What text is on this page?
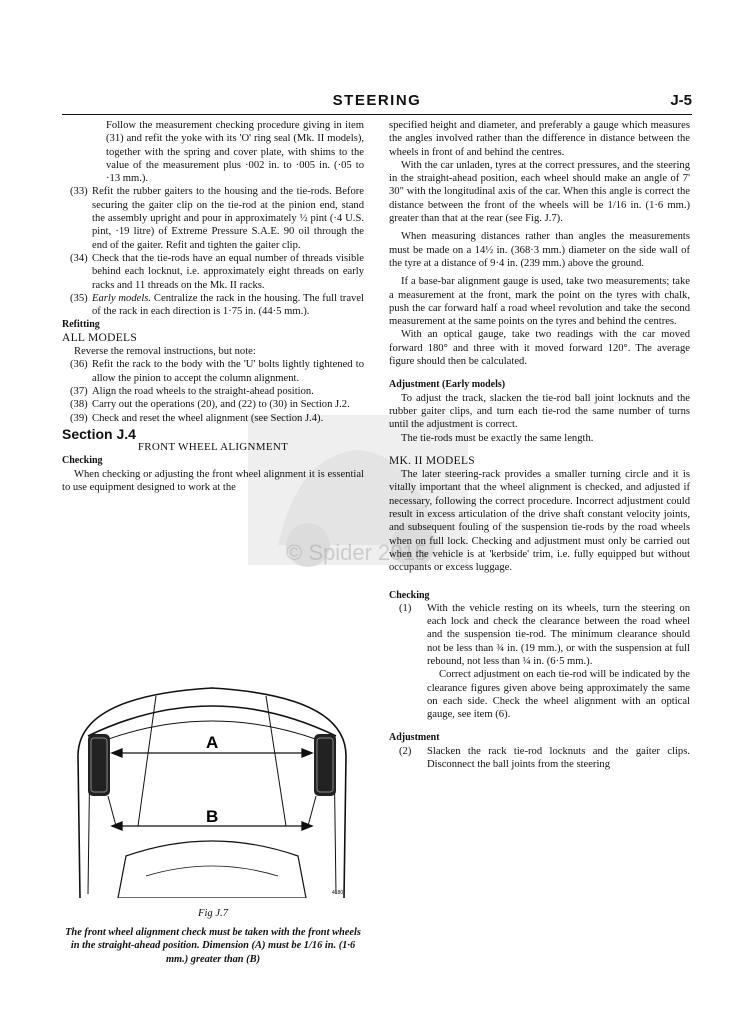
STEERING	J-5
© Spider 2015

Follow the measurement checking procedure giving in item (31) and refit the yoke with its 'O' ring seal (Mk. II models), together with the spring and cover plate, with shims to the value of the measurement plus ·002 in. to ·005 in. (·05 to ·13 mm.).

(33) Refit the rubber gaiters to the housing and the tie-rods. Before securing the gaiter clip on the tie-rod at the pinion end, stand the assembly upright and pour in approximately ½ pint (·4 U.S. pint, ·19 litre) of Extreme Pressure S.A.E. 90 oil through the end of the gaiter. Refit and tighten the gaiter clip.
(34) Check that the tie-rods have an equal number of threads visible behind each locknut, i.e. approximately eight threads on early racks and 11 threads on the Mk. II racks.
(35) Early models. Centralize the rack in the housing. The full travel of the rack in each direction is 1·75 in. (44·5 mm.).

Refitting

ALL MODELS

Reverse the removal instructions, but note:

(36) Refit the rack to the body with the 'U' bolts lightly tightened to allow the pinion to accept the column alignment.
(37) Align the road wheels to the straight-ahead position.
(38) Carry out the operations (20), and (22) to (30) in Section J.2.
(39) Check and reset the wheel alignment (see Section J.4).

Section J.4

FRONT WHEEL ALIGNMENT

Checking

When checking or adjusting the front wheel alignment it is essential to use equipment designed to work at the

A
B
4180
Fig J.7
The front wheel alignment check must be taken with the front wheels in the straight-ahead position. Dimension (A) must be 1/16 in. (1·6 mm.) greater than (B)

specified height and diameter, and preferably a gauge which measures the angles involved rather than the difference in distance between the wheels in front of and behind the centres.

With the car unladen, tyres at the correct pressures, and the steering in the straight-ahead position, each wheel should make an angle of 7' 30" with the longitudinal axis of the car. When this angle is correct the distance between the front of the wheels will be 1/16 in. (1·6 mm.) greater than that at the rear (see Fig. J.7).

When measuring distances rather than angles the measurements must be made on a 14½ in. (368·3 mm.) diameter on the side wall of the tyre at a distance of 9·4 in. (239 mm.) above the ground.

If a base-bar alignment gauge is used, take two measurements; take a measurement at the front, mark the point on the tyres with chalk, push the car forward half a road wheel revolution and take the second measurement at the same points on the tyres and behind the centres.

With an optical gauge, take two readings with the car moved forward 180° and three with it moved forward 120°. The average figure should then be calculated.

Adjustment (Early models)

To adjust the track, slacken the tie-rod ball joint locknuts and the rubber gaiter clips, and turn each tie-rod the same number of turns until the adjustment is correct.

The tie-rods must be exactly the same length.

MK. II MODELS

The later steering-rack provides a smaller turning circle and it is vitally important that the wheel alignment is checked, and adjusted if necessary, following the correct procedure. Incorrect adjustment could result in excess articulation of the drive shaft constant velocity joints, and subsequent fouling of the suspension tie-rods by the road wheels when on full lock. Checking and adjustment must only be carried out when the vehicle is at 'kerbside' trim, i.e. fully equipped but without occupants or excess luggage.

Checking

(1)	With the vehicle resting on its wheels, turn the steering on each lock and check the clearance between the road wheel and the suspension tie-rod. The minimum clearance should not be less than ¾ in. (19 mm.), or with the suspension at full rebound, not less than ¼ in. (6·5 mm.).
Correct adjustment on each tie-rod will be indicated by the clearance figures given above being approximately the same on each side. Check the wheel alignment with an optical gauge, see item (6).

Adjustment

(2)	Slacken the rack tie-rod locknuts and the gaiter clips. Disconnect the ball joints from the steering
